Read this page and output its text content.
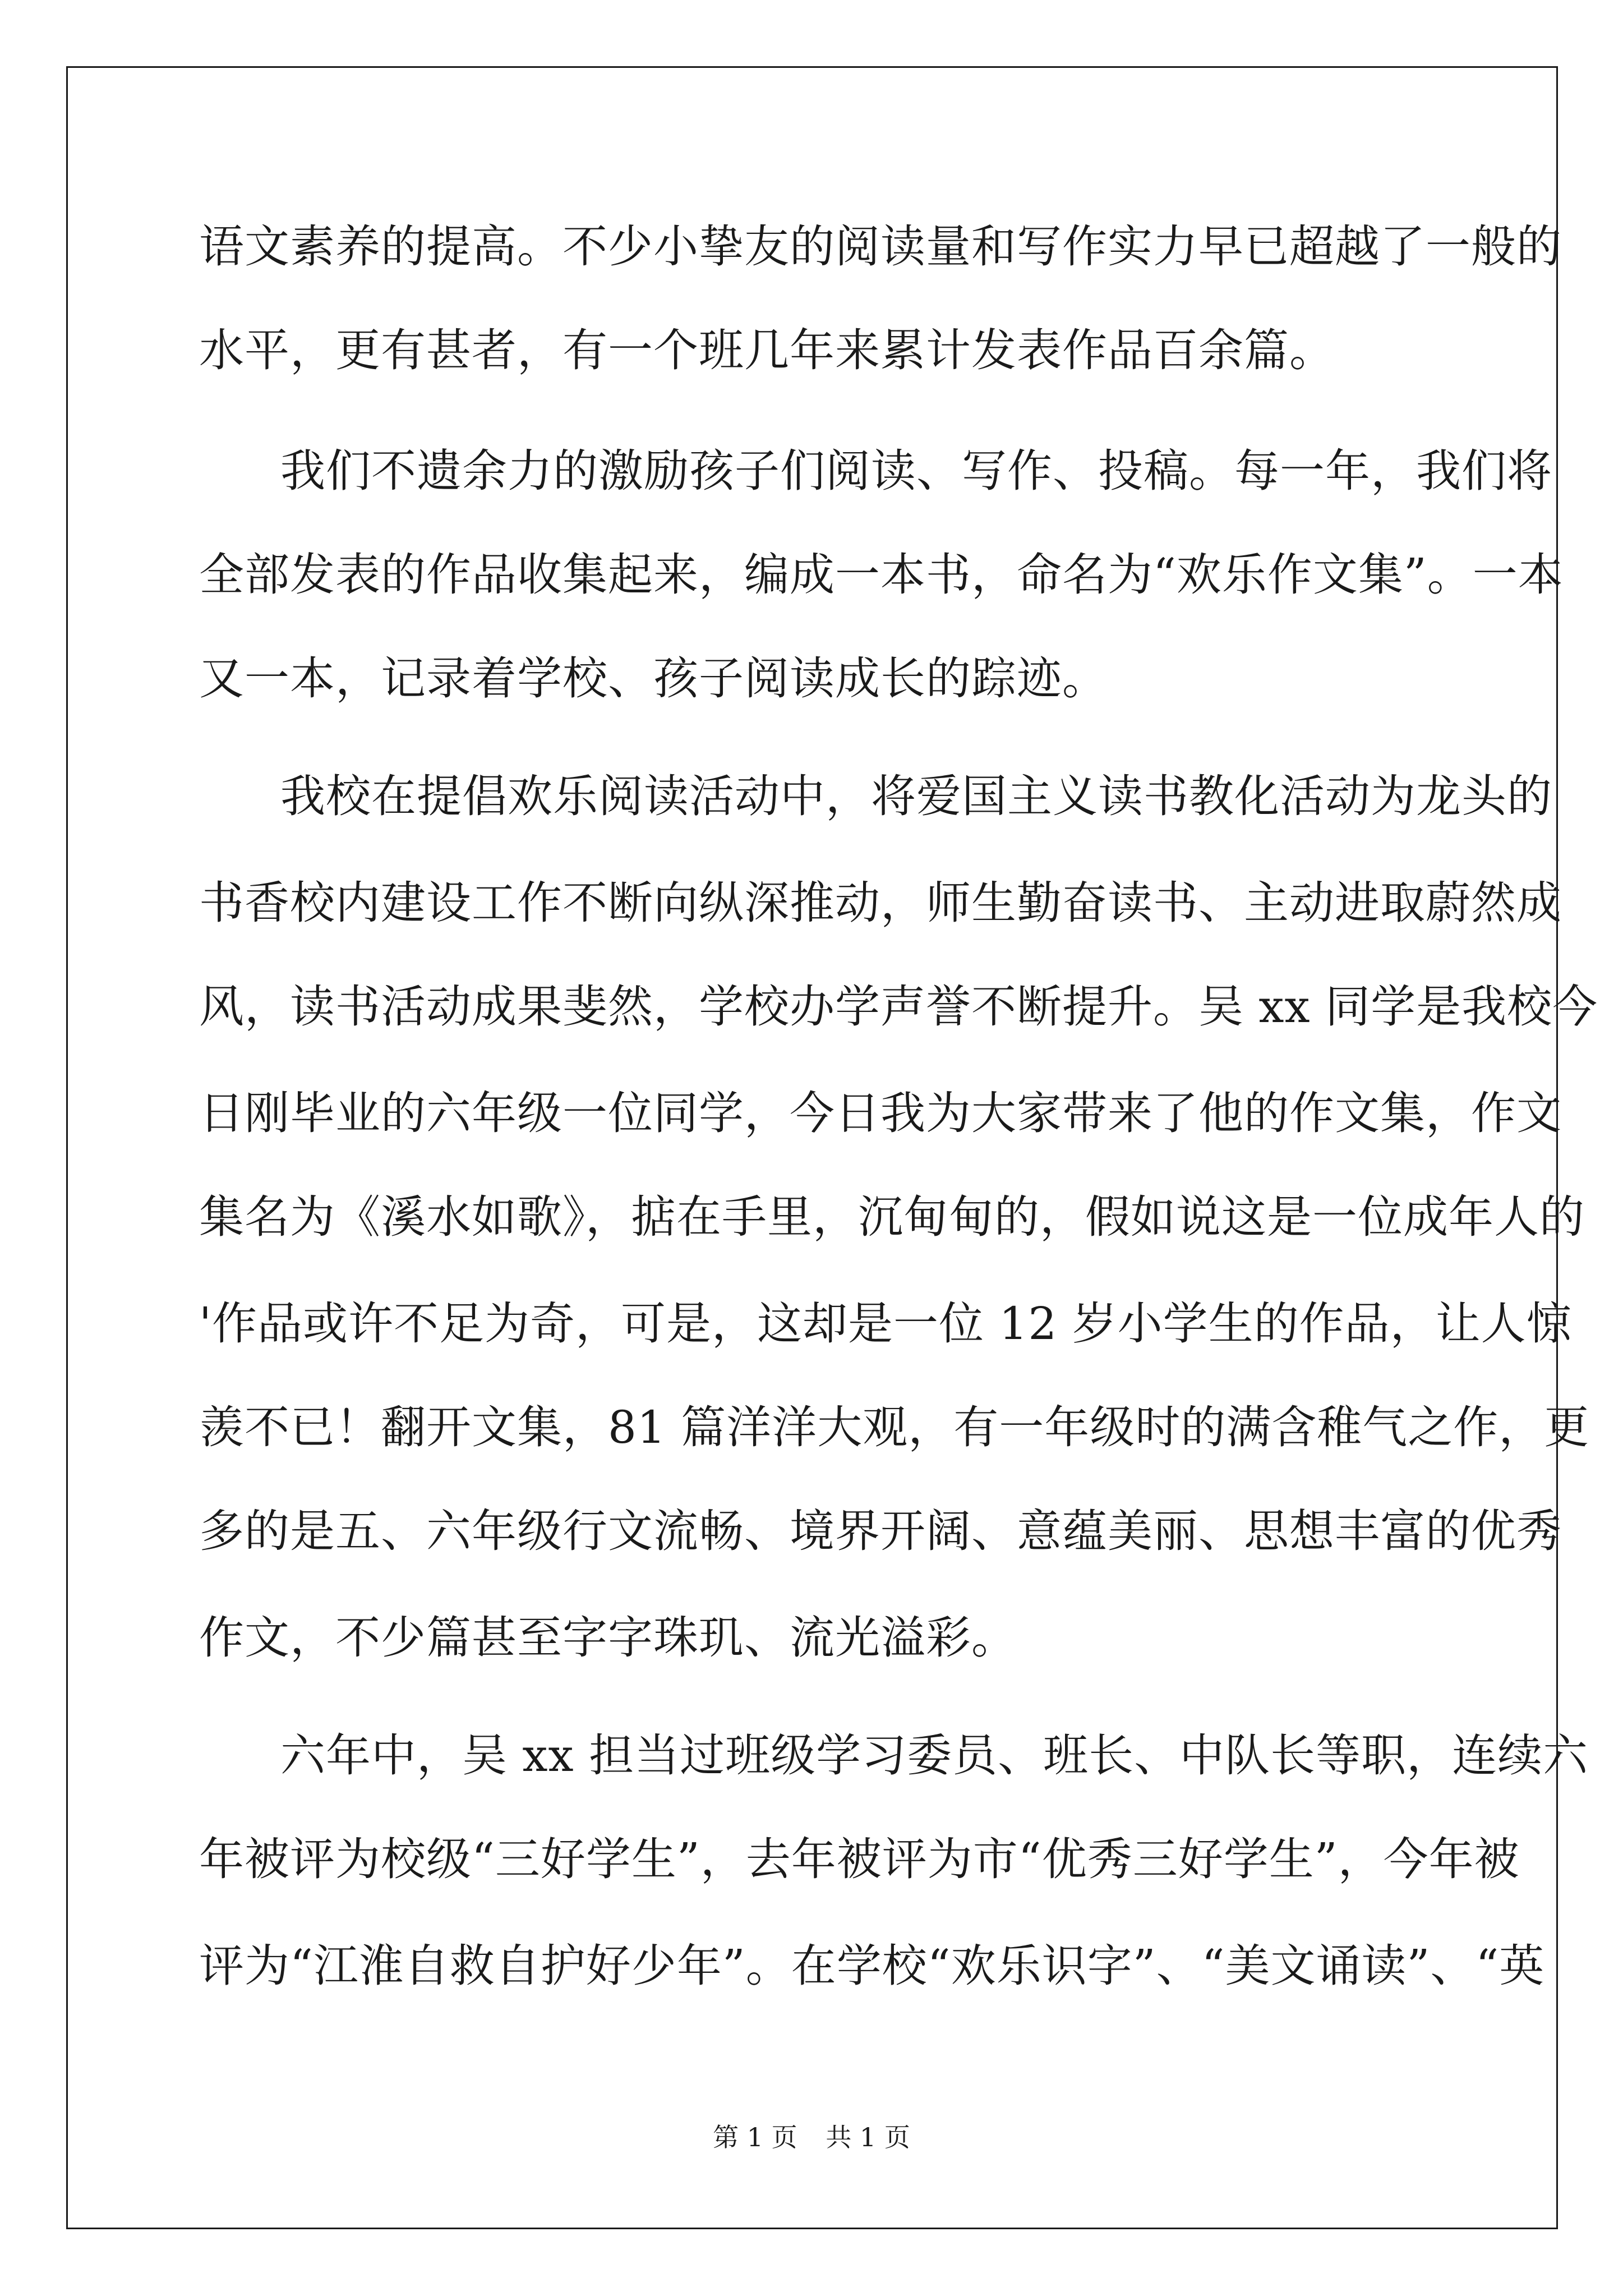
语文素养的提高。不少小挚友的阅读量和写作实力早已超越了一般的
水平，更有甚者，有一个班几年来累计发表作品百余篇。
我们不遗余力的激励孩子们阅读、写作、投稿。每一年，我们将
全部发表的作品收集起来，编成一本书，命名为“欢乐作文集”。一本
又一本，记录着学校、孩子阅读成长的踪迹。
我校在提倡欢乐阅读活动中，将爱国主义读书教化活动为龙头的
书香校内建设工作不断向纵深推动，师生勤奋读书、主动进取蔚然成
风，读书活动成果斐然，学校办学声誉不断提升。吴 xx 同学是我校今
日刚毕业的六年级一位同学，今日我为大家带来了他的作文集，作文
集名为《溪水如歌》，掂在手里，沉甸甸的，假如说这是一位成年人的
'作品或许不足为奇，可是，这却是一位 12 岁小学生的作品，让人惊
羡不已！翻开文集，81 篇洋洋大观，有一年级时的满含稚气之作，更
多的是五、六年级行文流畅、境界开阔、意蕴美丽、思想丰富的优秀
作文，不少篇甚至字字珠玑、流光溢彩。
六年中，吴 xx 担当过班级学习委员、班长、中队长等职，连续六
年被评为校级“三好学生”，去年被评为市“优秀三好学生”，今年被
评为“江淮自救自护好少年”。在学校“欢乐识字”、“美文诵读”、“英
第 1 页 共 1 页
